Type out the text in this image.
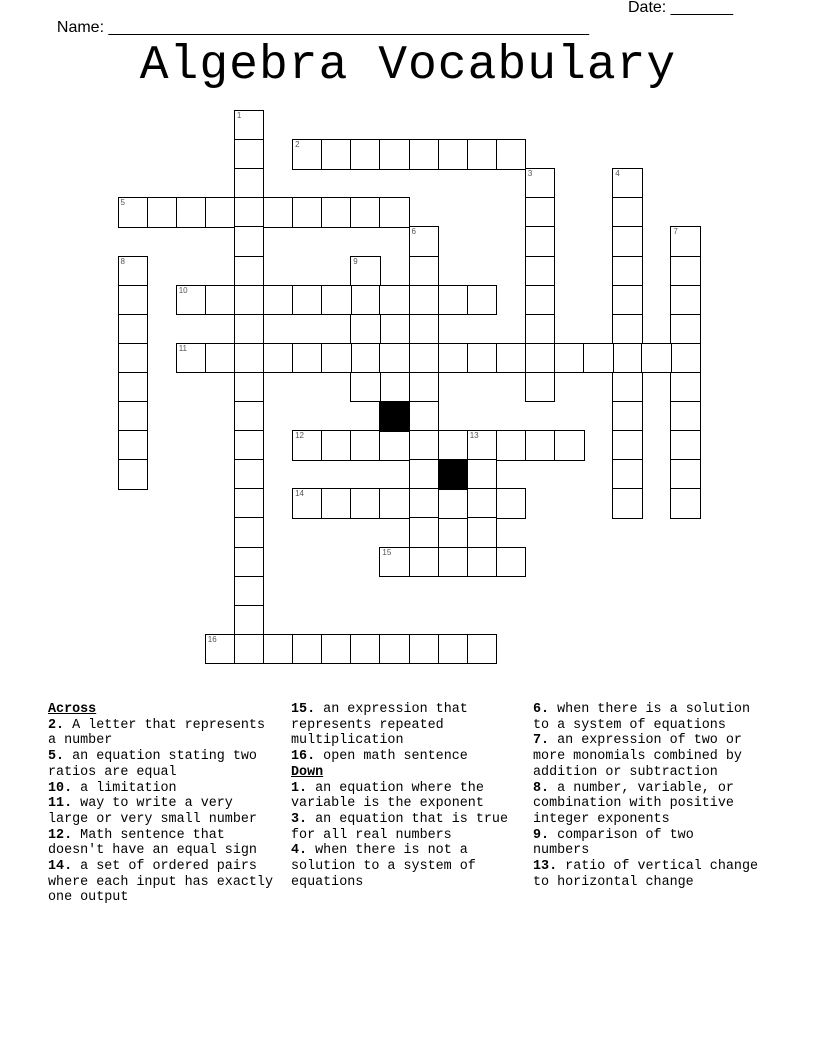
Name: ______________________________________________________

Date: _______

Algebra Vocabulary
1
2
3	4
5
6	7
8	9
10
11
12	13
14
15
16
Across
2. A letter that represents a number
5. an equation stating two ratios are equal
10. a limitation
11. way to write a very large or very small number
12. Math sentence that doesn't have an equal sign
14. a set of ordered pairs where each input has exactly one output
15. an expression that represents repeated multiplication
16. open math sentence
Down
1. an equation where the variable is the exponent
3. an equation that is true for all real numbers
4. when there is not a solution to a system of equations
6. when there is a solution to a system of equations
7. an expression of two or more monomials combined by addition or subtraction
8. a number, variable, or combination with positive integer exponents
9. comparison of two numbers
13. ratio of vertical change to horizontal change
